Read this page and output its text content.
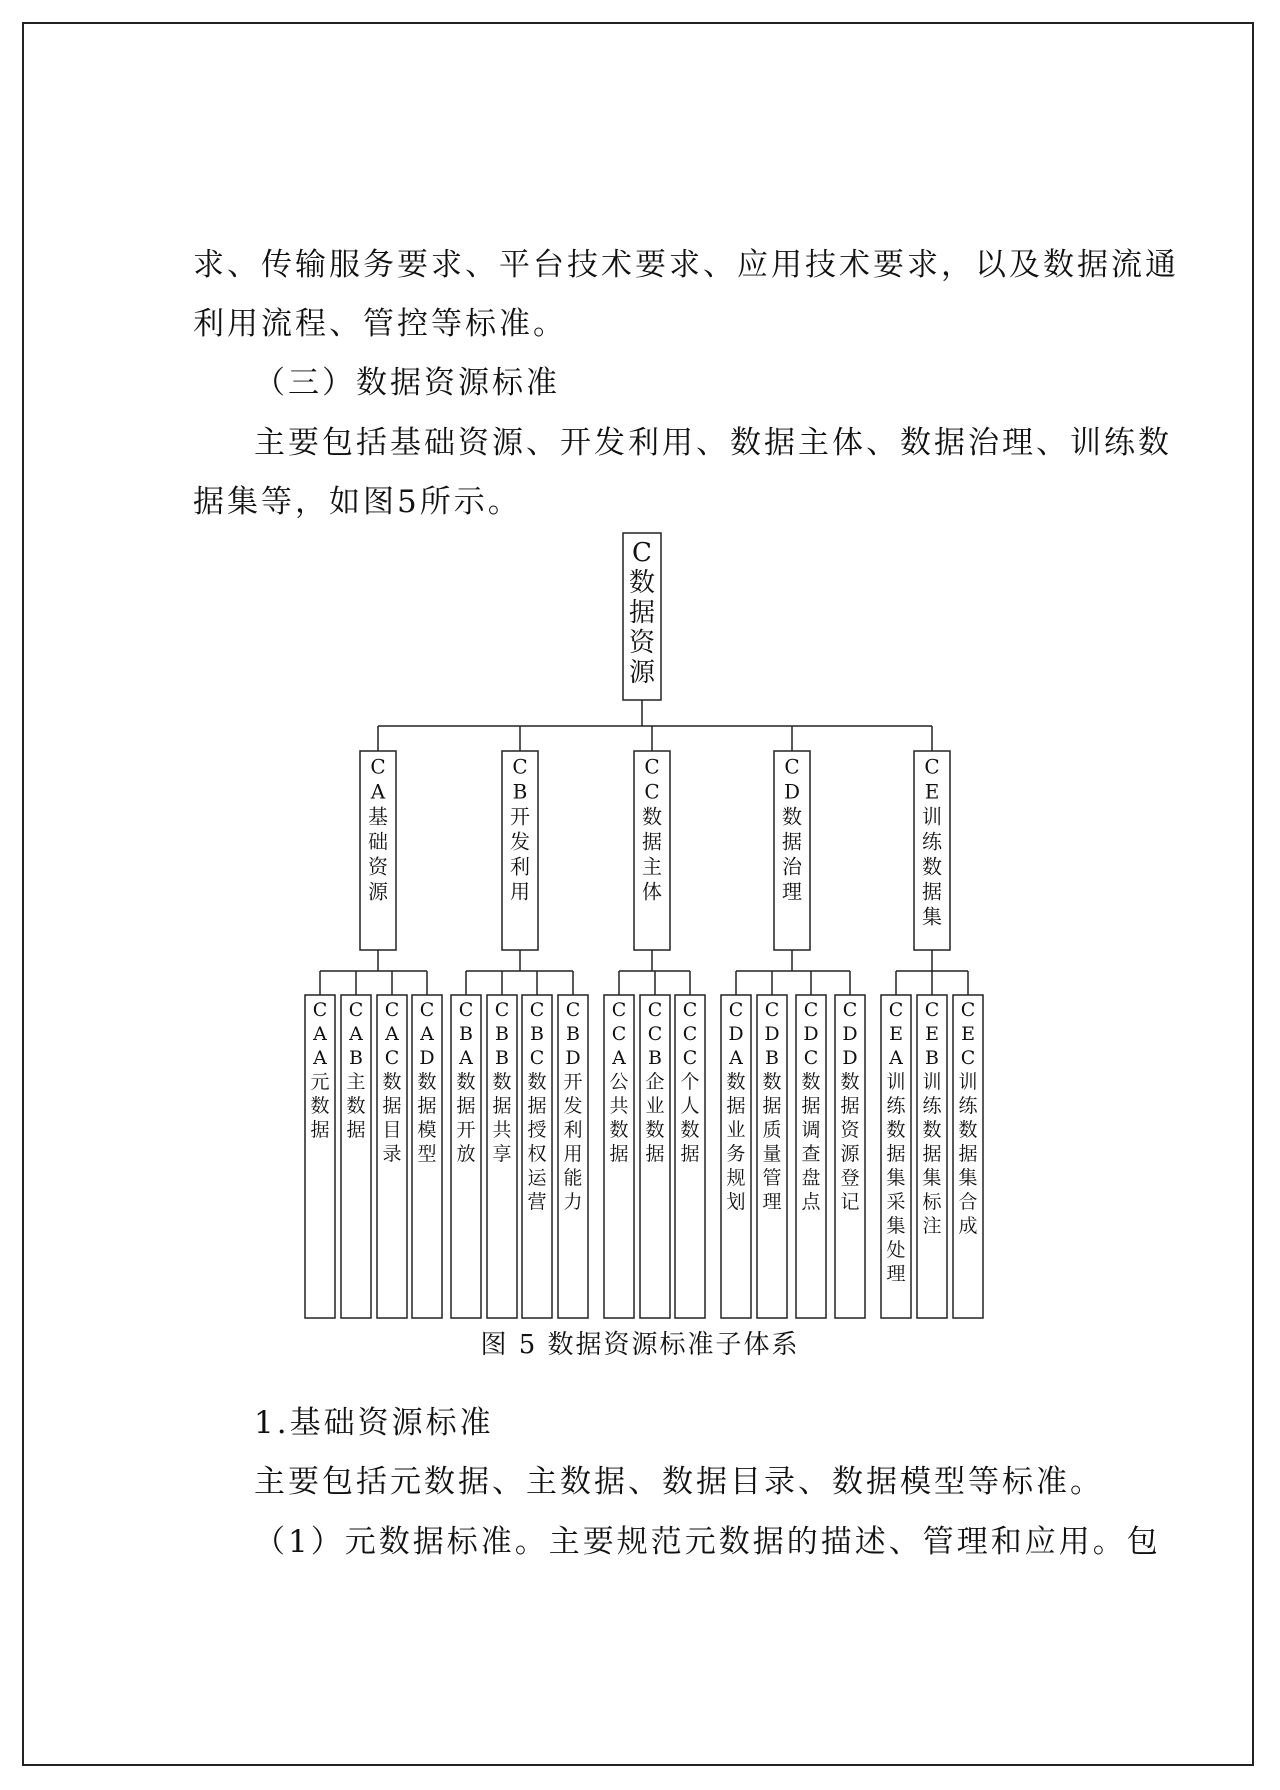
求、传输服务要求、平台技术要求、应用技术要求，以及数据流通

利用流程、管控等标准。

（三）数据资源标准

主要包括基础资源、开发利用、数据主体、数据治理、训练数

据集等，如图5所示。

C
数
据
资
源
C
A
基
础
资
源
C
A
A
元
数
据
C
A
B
主
数
据
C
A
C
数
据
目
录
C
A
D
数
据
模
型
C
B
开
发
利
用
C
B
A
数
据
开
放
C
B
B
数
据
共
享
C
B
C
数
据
授
权
运
营
C
B
D
开
发
利
用
能
力
C
C
数
据
主
体
C
C
A
公
共
数
据
C
C
B
企
业
数
据
C
C
C
个
人
数
据
C
D
数
据
治
理
C
D
A
数
据
业
务
规
划
C
D
B
数
据
质
量
管
理
C
D
C
数
据
调
查
盘
点
C
D
D
数
据
资
源
登
记
C
E
训
练
数
据
集
C
E
A
训
练
数
据
集
采
集
处
理
C
E
B
训
练
数
据
集
标
注
C
E
C
训
练
数
据
集
合
成
图 5 数据资源标准子体系

1.基础资源标准

主要包括元数据、主数据、数据目录、数据模型等标准。

（1）元数据标准。主要规范元数据的描述、管理和应用。包
